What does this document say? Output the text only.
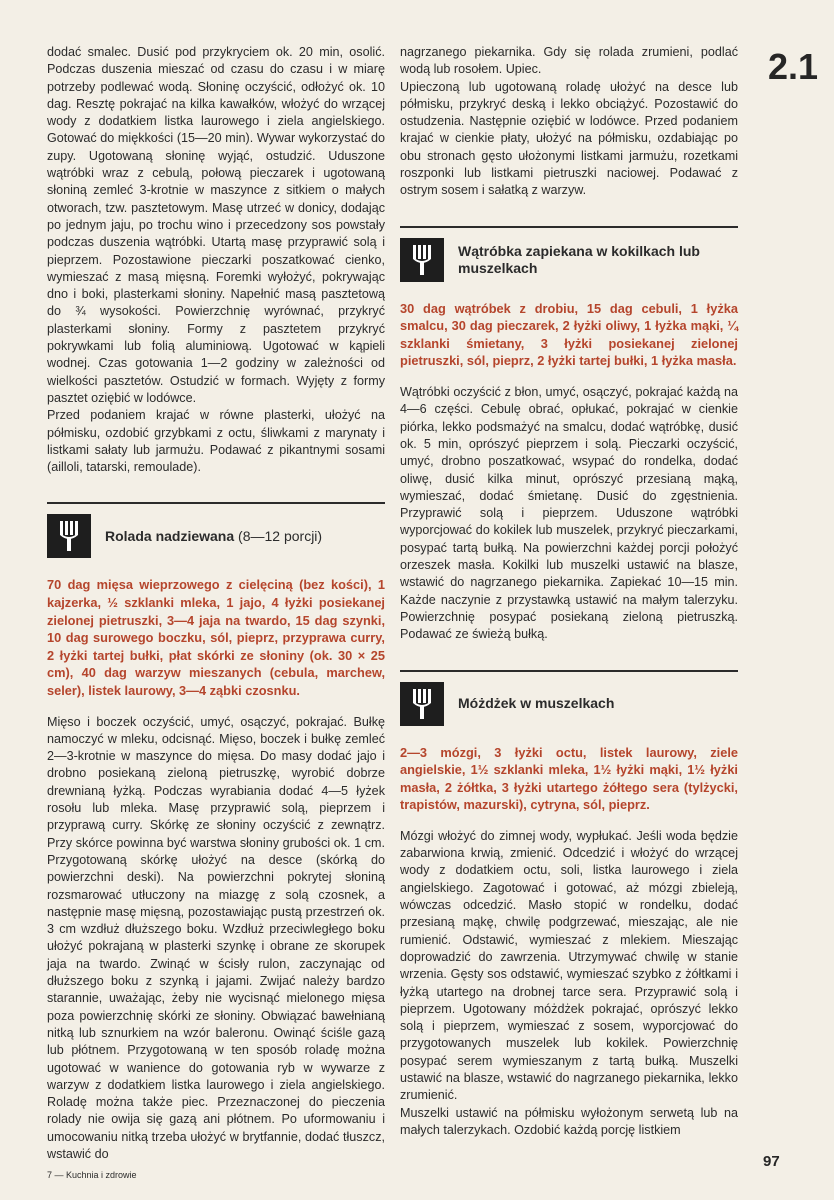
2.1

dodać smalec. Dusić pod przykryciem ok. 20 min, osolić. Podczas duszenia mieszać od czasu do czasu i w miarę potrzeby podlewać wodą. Słoninę oczyścić, odłożyć ok. 10 dag. Resztę pokrajać na kilka kawałków, włożyć do wrzącej wody z dodatkiem listka laurowego i ziela angielskiego. Gotować do miękkości (15—20 min). Wywar wykorzystać do zupy. Ugotowaną słoninę wyjąć, ostudzić. Uduszone wątróbki wraz z cebulą, połową pieczarek i ugotowaną słoniną zemleć 3-krotnie w maszynce z sitkiem o małych otworach, tzw. pasztetowym. Masę utrzeć w donicy, dodając po jednym jaju, po trochu wino i przecedzony sos powstały podczas duszenia wątróbki. Utartą masę przyprawić solą i pieprzem. Pozostawione pieczarki poszatkować cienko, wymieszać z masą mięsną. Foremki wyłożyć, pokrywając dno i boki, plasterkami słoniny. Napełnić masą pasztetową do ¾ wysokości. Powierzchnię wyrównać, przykryć plasterkami słoniny. Formy z pasztetem przykryć pokrywkami lub folią aluminiową. Ugotować w kąpieli wodnej. Czas gotowania 1—2 godziny w zależności od wielkości pasztetów. Ostudzić w formach. Wyjęty z formy pasztet oziębić w lodówce.

Przed podaniem krajać w równe plasterki, ułożyć na półmisku, ozdobić grzybkami z octu, śliwkami z marynaty i listkami sałaty lub jarmużu. Podawać z pikantnymi sosami (ailloli, tatarski, remoulade).

Rolada nadziewana (8—12 porcji)
70 dag mięsa wieprzowego z cielęciną (bez kości), 1 kajzerka, ½ szklanki mleka, 1 jajo, 4 łyżki posiekanej zielonej pietruszki, 3—4 jaja na twardo, 15 dag szynki, 10 dag surowego boczku, sól, pieprz, przyprawa curry, 2 łyżki tartej bułki, płat skórki ze słoniny (ok. 30 × 25 cm), 40 dag warzyw mieszanych (cebula, marchew, seler), listek laurowy, 3—4 ząbki czosnku.

Mięso i boczek oczyścić, umyć, osączyć, pokrajać. Bułkę namoczyć w mleku, odcisnąć. Mięso, boczek i bułkę zemleć 2—3-krotnie w maszynce do mięsa. Do masy dodać jajo i drobno posiekaną zieloną pietruszkę, wyrobić dobrze drewnianą łyżką. Podczas wyrabiania dodać 4—5 łyżek rosołu lub mleka. Masę przyprawić solą, pieprzem i przyprawą curry. Skórkę ze słoniny oczyścić z zewnątrz. Przy skórce powinna być warstwa słoniny grubości ok. 1 cm. Przygotowaną skórkę ułożyć na desce (skórką do powierzchni deski). Na powierzchni pokrytej słoniną rozsmarować utłuczony na miazgę z solą czosnek, a następnie masę mięsną, pozostawiając pustą przestrzeń ok. 3 cm wzdłuż dłuższego boku. Wzdłuż przeciwległego boku ułożyć pokrajaną w plasterki szynkę i obrane ze skorupek jaja na twardo. Zwinąć w ścisły rulon, zaczynając od dłuższego boku z szynką i jajami. Zwijać należy bardzo starannie, uważając, żeby nie wycisnąć mielonego mięsa poza powierzchnię skórki ze słoniny. Obwiązać bawełnianą nitką lub sznurkiem na wzór baleronu. Owinąć ściśle gazą lub płótnem. Przygotowaną w ten sposób roladę można ugotować w wanience do gotowania ryb w wywarze z warzyw z dodatkiem listka laurowego i ziela angielskiego. Roladę można także piec. Przeznaczonej do pieczenia rolady nie owija się gazą ani płótnem. Po uformowaniu i umocowaniu nitką trzeba ułożyć w brytfannie, dodać tłuszcz, wstawić do

nagrzanego piekarnika. Gdy się rolada zrumieni, podlać wodą lub rosołem. Upiec.

Upieczoną lub ugotowaną roladę ułożyć na desce lub półmisku, przykryć deską i lekko obciążyć. Pozostawić do ostudzenia. Następnie oziębić w lodówce. Przed podaniem krajać w cienkie płaty, ułożyć na półmisku, ozdabiając po obu stronach gęsto ułożonymi listkami jarmużu, rozetkami roszponki lub listkami pietruszki naciowej. Podawać z ostrym sosem i sałatką z warzyw.

Wątróbka zapiekana w kokilkach lub muszelkach
30 dag wątróbek z drobiu, 15 dag cebuli, 1 łyżka smalcu, 30 dag pieczarek, 2 łyżki oliwy, 1 łyżka mąki, ¼ szklanki śmietany, 3 łyżki posiekanej zielonej pietruszki, sól, pieprz, 2 łyżki tartej bułki, 1 łyżka masła.

Wątróbki oczyścić z błon, umyć, osączyć, pokrajać każdą na 4—6 części. Cebulę obrać, opłukać, pokrajać w cienkie piórka, lekko podsmażyć na smalcu, dodać wątróbkę, dusić ok. 5 min, oprószyć pieprzem i solą. Pieczarki oczyścić, umyć, drobno poszatkować, wsypać do rondelka, dodać oliwę, dusić kilka minut, oprószyć przesianą mąką, wymieszać, dodać śmietanę. Dusić do zgęstnienia. Przyprawić solą i pieprzem. Uduszone wątróbki wyporcjować do kokilek lub muszelek, przykryć pieczarkami, posypać tartą bułką. Na powierzchni każdej porcji położyć orzeszek masła. Kokilki lub muszelki ustawić na blasze, wstawić do nagrzanego piekarnika. Zapiekać 10—15 min. Każde naczynie z przystawką ustawić na małym talerzyku. Powierzchnię posypać posiekaną zieloną pietruszką. Podawać ze świeżą bułką.

Móżdżek w muszelkach
2—3 mózgi, 3 łyżki octu, listek laurowy, ziele angielskie, 1½ szklanki mleka, 1½ łyżki mąki, 1½ łyżki masła, 2 żółtka, 3 łyżki utartego żółtego sera (tylżycki, trapistów, mazurski), cytryna, sól, pieprz.

Mózgi włożyć do zimnej wody, wypłukać. Jeśli woda będzie zabarwiona krwią, zmienić. Odcedzić i włożyć do wrzącej wody z dodatkiem octu, soli, listka laurowego i ziela angielskiego. Zagotować i gotować, aż mózgi zbieleją, wówczas odcedzić. Masło stopić w rondelku, dodać przesianą mąkę, chwilę podgrzewać, mieszając, ale nie rumienić. Odstawić, wymieszać z mlekiem. Mieszając doprowadzić do zawrzenia. Utrzymywać chwilę w stanie wrzenia. Gęsty sos odstawić, wymieszać szybko z żółtkami i łyżką utartego na drobnej tarce sera. Przyprawić solą i pieprzem. Ugotowany móżdżek pokrajać, oprószyć lekko solą i pieprzem, wymieszać z sosem, wyporcjować do przygotowanych muszelek lub kokilek. Powierzchnię posypać serem wymieszanym z tartą bułką. Muszelki ustawić na blasze, wstawić do nagrzanego piekarnika, lekko zrumienić.

Muszelki ustawić na półmisku wyłożonym serwetą lub na małych talerzykach. Ozdobić każdą porcję listkiem

97
7 — Kuchnia i zdrowie
